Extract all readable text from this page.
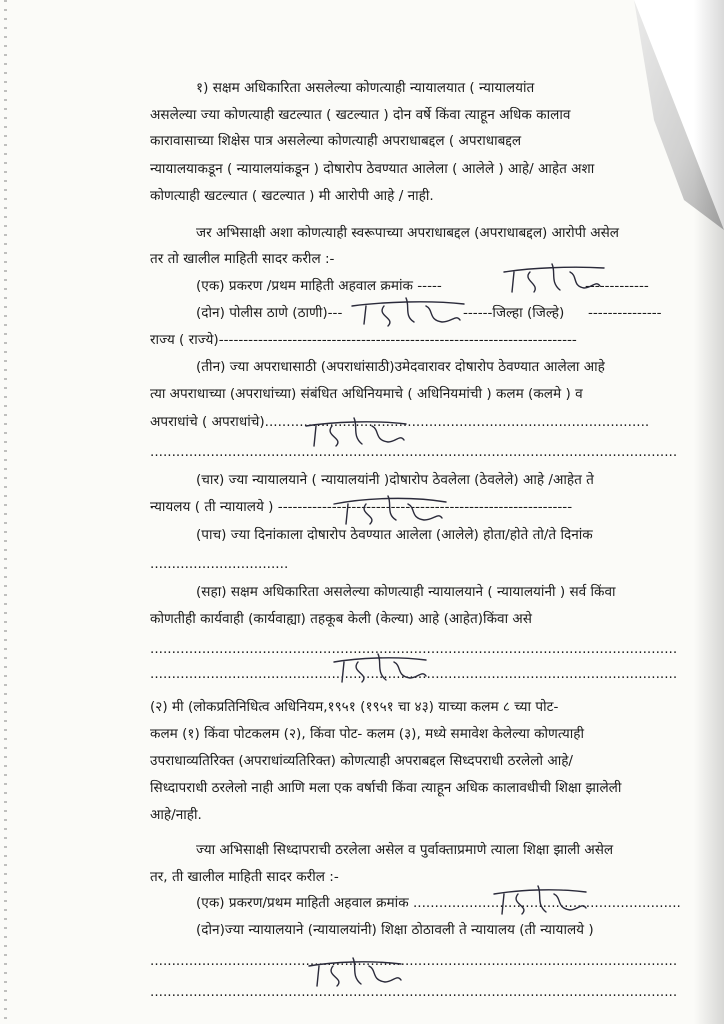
१) सक्षम अधिकारिता असलेल्या कोणत्याही न्यायालयात ( न्यायालयांत
असलेल्या ज्या कोणत्याही खटल्यात ( खटल्यात ) दोन वर्षे किंवा त्याहून अधिक कालाव
कारावासाच्या शिक्षेस पात्र असलेल्या कोणत्याही अपराधाबद्दल ( अपराधाबद्दल
न्यायालयाकडून ( न्यायालयांकडून ) दोषारोप ठेवण्यात आलेला ( आलेले ) आहे/ आहेत अशा
कोणत्याही खटल्यात ( खटल्यात ) मी आरोपी आहे / नाही.
जर अभिसाक्षी अशा कोणत्याही स्वरूपाच्या अपराधाबद्दल (अपराधाबद्दल) आरोपी असेल
तर तो खालील माहिती सादर करील :-
(एक) प्रकरण /प्रथम माहिती अहवाल क्रमांक -----	-------------
(दोन) पोलीस ठाणे (ठाणी)---	------जिल्हा (जिल्हे) ---------------
राज्य ( राज्ये)-------------------------------------------------------------------------
(तीन) ज्या अपराधासाठी (अपराधांसाठी)उमेदवारावर दोषारोप ठेवण्यात आलेला आहे
त्या अपराधाच्या (अपराधांच्या) संबंधित अधिनियमाचे ( अधिनियमांची ) कलम (कलमे ) व
अपराधांचे ( अपराधांचे).........................................................................................
..........................................................................................................................
(चार) ज्या न्यायालयाने ( न्यायालयांनी )दोषारोप ठेवलेला (ठेवलेले) आहे /आहेत ते
न्यायलय ( ती न्यायालये ) ------------------------------------------------------------
(पाच) ज्या दिनांकाला दोषारोप ठेवण्यात आलेला (आलेले) होता/होते तो/ते दिनांक
................................
(सहा) सक्षम अधिकारिता असलेल्या कोणत्याही न्यायालयाने ( न्यायालयांनी ) सर्व किंवा
कोणतीही कार्यवाही (कार्यवाह्या) तहकूब केली (केल्या) आहे (आहेत)किंवा असे
..........................................................................................................................
..........................................................................................................................
(२) मी (लोकप्रतिनिधित्व अधिनियम,१९५१ (१९५१ चा ४३) याच्या कलम ८ च्या पोट-
कलम (१) किंवा पोटकलम (२), किंवा पोट- कलम (३), मध्ये समावेश केलेल्या कोणत्याही
उपराधाव्यतिरिक्त (अपराधांव्यतिरिक्त) कोणत्याही अपराबद्दल सिध्दपराधी ठरलेलो आहे/
सिध्दापराधी ठरलेलो नाही आणि मला एक वर्षाची किंवा त्याहून अधिक कालावधीची शिक्षा झालेली
आहे/नाही.
ज्या अभिसाक्षी सिध्दापराची ठरलेला असेल व पुर्वाक्ताप्रमाणे त्याला शिक्षा झाली असेल
तर, ती खालील माहिती सादर करील :-
(एक) प्रकरण/प्रथम माहिती अहवाल क्रमांक ..............................................................
(दोन)ज्या न्यायालयाने (न्यायालयांनी) शिक्षा ठोठावली ते न्यायालय (ती न्यायालये )
..........................................................................................................................
..........................................................................................................................
